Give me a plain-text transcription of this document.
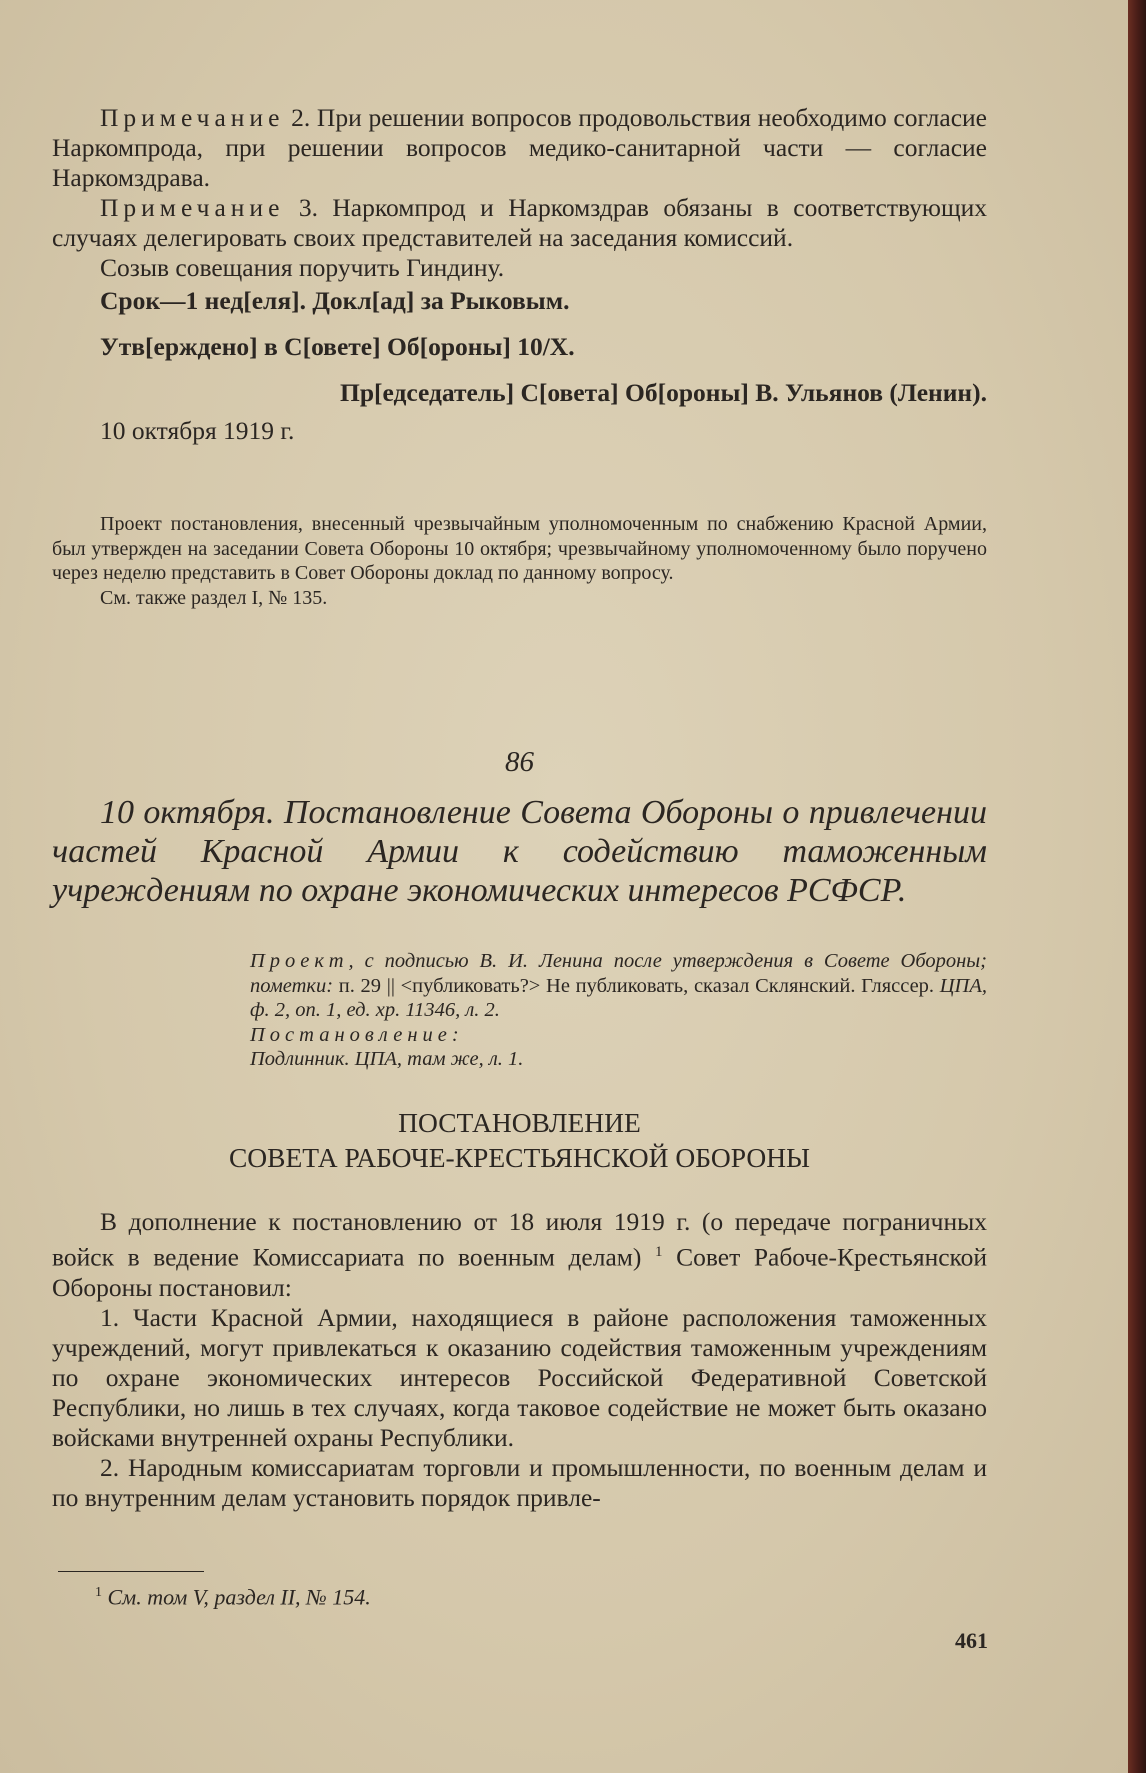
Примечание 2. При решении вопросов продовольствия необходимо согласие Наркомпрода, при решении вопросов медико-санитарной части — согласие Наркомздрава.

Примечание 3. Наркомпрод и Наркомздрав обязаны в соответствующих случаях делегировать своих представителей на заседания комиссий.

Созыв совещания поручить Гиндину.

Срок—1 нед[еля]. Докл[ад] за Рыковым.

Утв[ерждено] в С[овете] Об[ороны] 10/X.

Пр[едседатель] С[овета] Об[ороны] В. Ульянов (Ленин).

10 октября 1919 г.

Проект постановления, внесенный чрезвычайным уполномоченным по снабжению Красной Армии, был утвержден на заседании Совета Обороны 10 октября; чрезвычайному уполномоченному было поручено через неделю представить в Совет Обороны доклад по данному вопросу.

См. также раздел I, № 135.

86

10 октября. Постановление Совета Обороны о привлечении частей Красной Армии к содействию таможенным учреждениям по охране экономических интересов РСФСР.

Проект, с подписью В. И. Ленина после утверждения в Совете Обороны; пометки: п. 29 || <публиковать?> Не публиковать, сказал Склянский. Гляссер. ЦПА, ф. 2, оп. 1, ед. хр. 11346, л. 2.

Постановление:

Подлинник. ЦПА, там же, л. 1.

ПОСТАНОВЛЕНИЕ

СОВЕТА РАБОЧЕ-КРЕСТЬЯНСКОЙ ОБОРОНЫ

В дополнение к постановлению от 18 июля 1919 г. (о передаче пограничных войск в ведение Комиссариата по военным делам) $^1$ Совет Рабоче-Крестьянской Обороны постановил:

1. Части Красной Армии, находящиеся в районе расположения таможенных учреждений, могут привлекаться к оказанию содействия таможенным учреждениям по охране экономических интересов Российской Федеративной Советской Республики, но лишь в тех случаях, когда таковое содействие не может быть оказано войсками внутренней охраны Республики.

2. Народным комиссариатам торговли и промышленности, по военным делам и по внутренним делам установить порядок привле-

$^1$ См. том V, раздел II, № 154.

461
